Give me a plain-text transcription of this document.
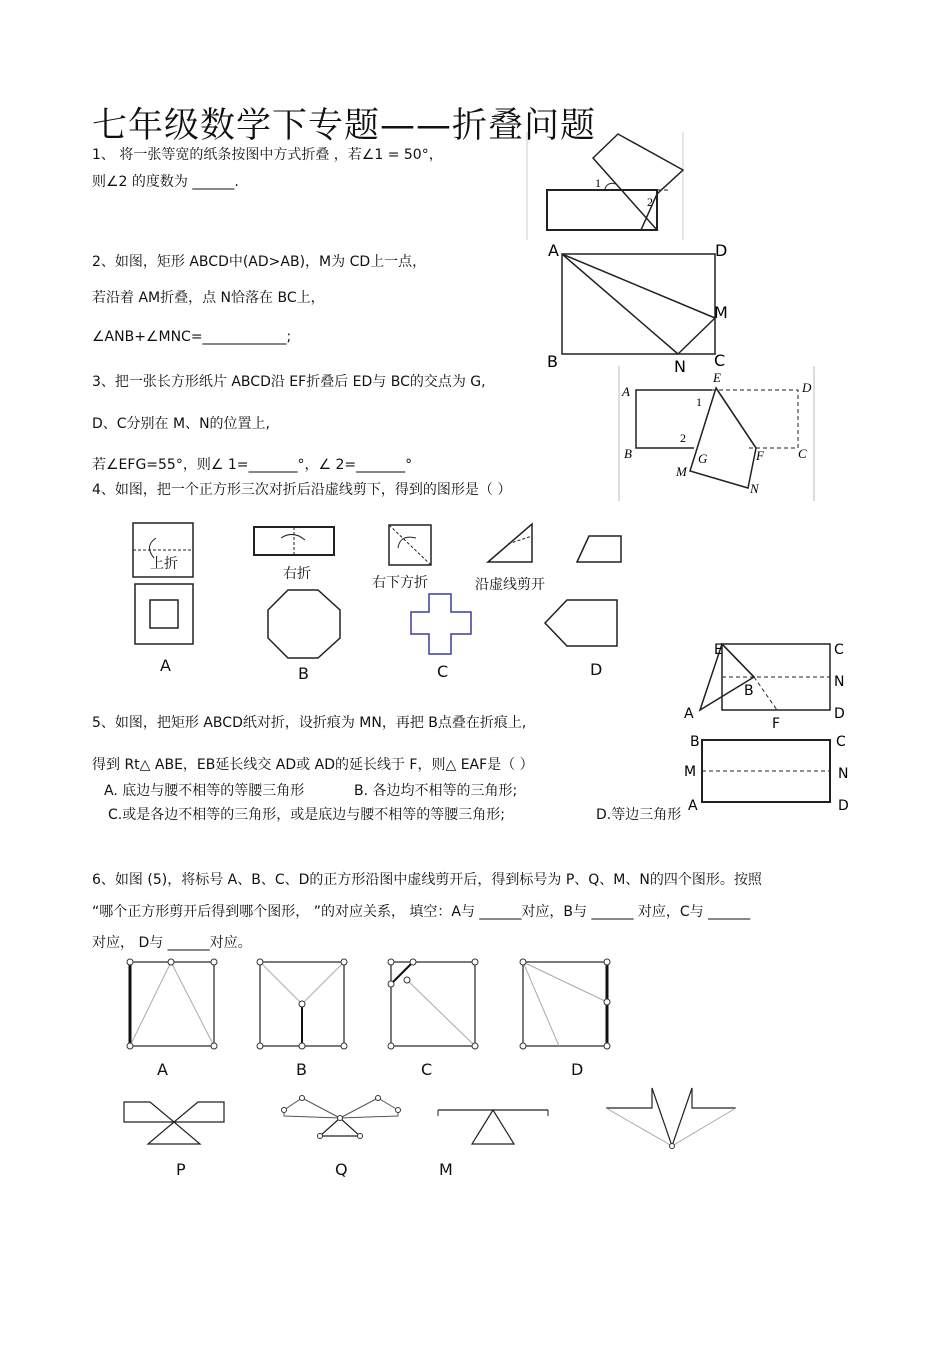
七年级数学下专题——折叠问题
1、 将一张等宽的纸条按图中方式折叠 ，若∠1 = 50°，
则∠2 的度数为 ______.	1
2
2、如图，矩形 ABCD中(AD>AB)，M为 CD上一点，
若沿着 AM折叠，点 N恰落在 BC上，
∠ANB+∠MNC=____________;
A	D
M
B	N C
3、把一张长方形纸片 ABCD沿 EF折叠后 ED与 BC的交点为 G,
D、C分别在 M、N的位置上,
若∠EFG=55°，则∠ 1=_______°，∠ 2=_______°
A
E
D
1
2
B	G	F	C
M
N
4、如图，把一个正方形三次对折后沿虚线剪下，得到的图形是（ ）
上折
右折
右下方折	沿虚线剪开
A	B	C	D
E	C
N
B
A
F
D
B	C
M	N
A	D
5、如图，把矩形 ABCD纸对折，设折痕为 MN，再把 B点叠在折痕上,
得到 Rt△ ABE，EB延长线交 AD或 AD的延长线于 F，则△ EAF是（ ）
A. 底边与腰不相等的等腰三角形	B. 各边均不相等的三角形;
C.或是各边不相等的三角形，或是底边与腰不相等的等腰三角形;	D.等边三角形
6、如图 (5)，将标号 A、B、C、D的正方形沿图中虚线剪开后，得到标号为 P、Q、M、N的四个图形。按照
“哪个正方形剪开后得到哪个图形， ”的对应关系， 填空：A与 ______对应，B与 ______ 对应，C与 ______
对应， D与 ______对应。
A	B	C	D
P	Q	M
